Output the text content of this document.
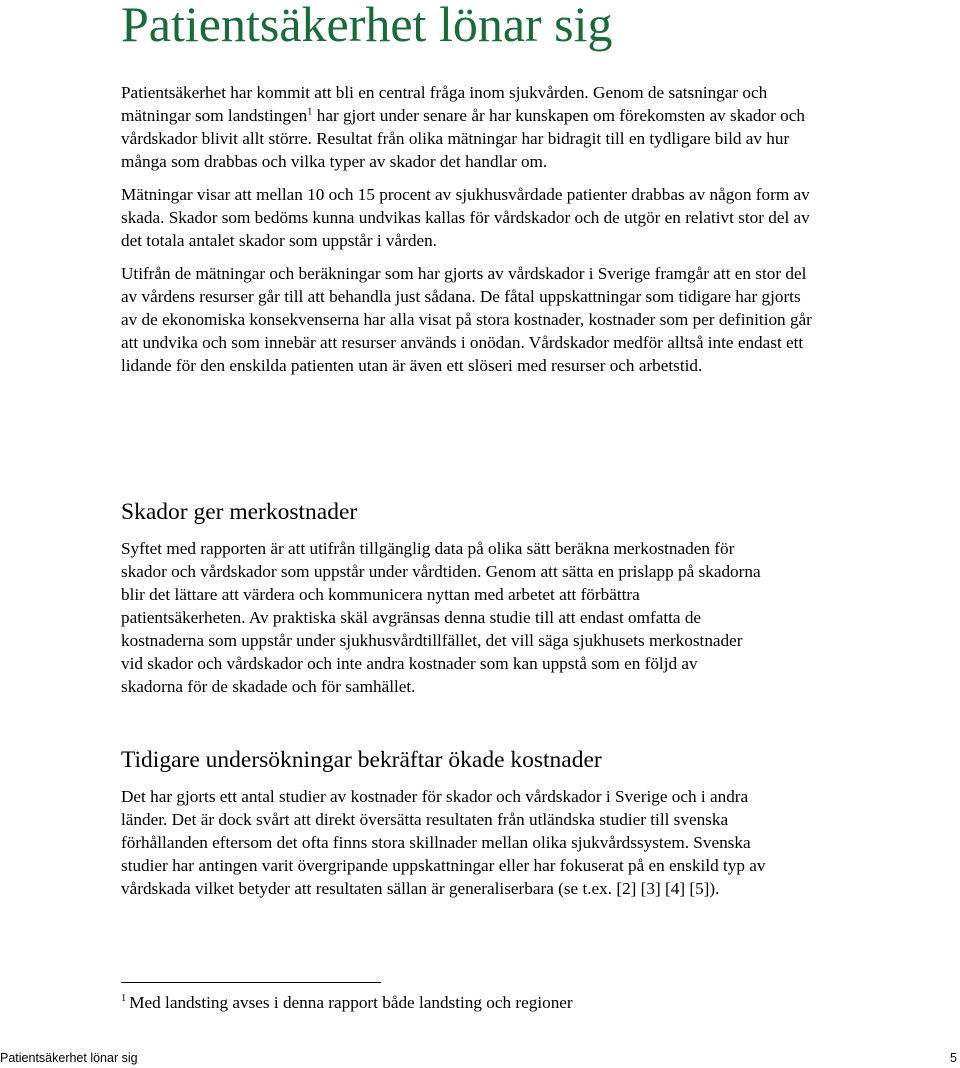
Patientsäkerhet lönar sig

Patientsäkerhet har kommit att bli en central fråga inom sjukvården. Genom de satsningar och mätningar som landstingen$^1$ har gjort under senare år har kunskapen om förekomsten av skador och vårdskador blivit allt större. Resultat från olika mätningar har bidragit till en tydligare bild av hur många som drabbas och vilka typer av skador det handlar om.

Mätningar visar att mellan 10 och 15 procent av sjukhusvårdade patienter drabbas av någon form av skada. Skador som bedöms kunna undvikas kallas för vårdskador och de utgör en relativt stor del av det totala antalet skador som uppstår i vården.

Utifrån de mätningar och beräkningar som har gjorts av vårdskador i Sverige framgår att en stor del av vårdens resurser går till att behandla just sådana. De fåtal uppskattningar som tidigare har gjorts av de ekonomiska konsekvenserna har alla visat på stora kostnader, kostnader som per definition går att undvika och som innebär att resurser används i onödan. Vårdskador medför alltså inte endast ett lidande för den enskilda patienten utan är även ett slöseri med resurser och arbetstid.

Skador ger merkostnader

Syftet med rapporten är att utifrån tillgänglig data på olika sätt beräkna merkostnaden för skador och vårdskador som uppstår under vårdtiden. Genom att sätta en prislapp på skadorna blir det lättare att värdera och kommunicera nyttan med arbetet att förbättra patientsäkerheten. Av praktiska skäl avgränsas denna studie till att endast omfatta de kostnaderna som uppstår under sjukhusvårdtillfället, det vill säga sjukhusets merkostnader vid skador och vårdskador och inte andra kostnader som kan uppstå som en följd av skadorna för de skadade och för samhället.

Tidigare undersökningar bekräftar ökade kostnader

Det har gjorts ett antal studier av kostnader för skador och vårdskador i Sverige och i andra länder. Det är dock svårt att direkt översätta resultaten från utländska studier till svenska förhållanden eftersom det ofta finns stora skillnader mellan olika sjukvårdssystem. Svenska studier har antingen varit övergripande uppskattningar eller har fokuserat på en enskild typ av vårdskada vilket betyder att resultaten sällan är generaliserbara (se t.ex. [2] [3] [4] [5]).

$^1$ Med landsting avses i denna rapport både landsting och regioner
Patientsäkerhet lönar sig	5
